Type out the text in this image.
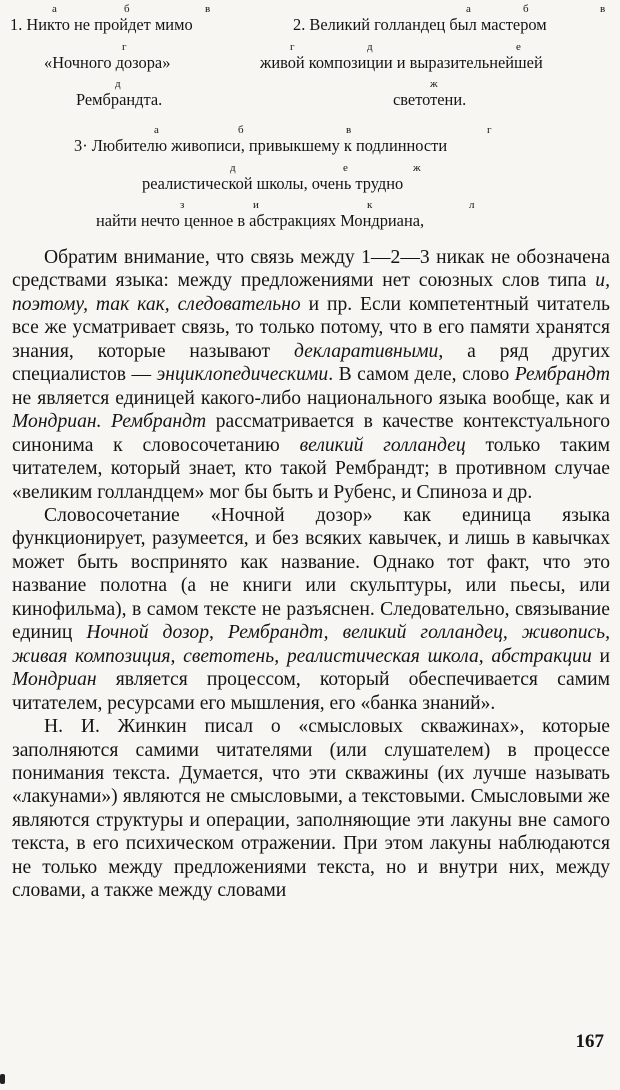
а	б	в
1. Никто не пройдет мимо
г
«Ночного дозора»
д
Рембрандта.
а	б	в
2. Великий голландец был мастером
г	д	е
живой композиции и выразительнейшей
ж
светотени.
а	б	в	г
3· Любителю живописи, привыкшему к подлинности
д	е	ж
реалистической школы, очень трудно
з	и	к	л
найти нечто ценное в абстракциях Мондриана,

Обратим внимание, что связь между 1—2—3 никак не обозначена средствами языка: между предложениями нет союзных слов типа и, поэтому, так как, следовательно и пр. Если компетентный читатель все же усматривает связь, то только потому, что в его памяти хранятся знания, которые называют декларативными, а ряд других специалистов — энциклопедическими. В самом деле, слово Рембрандт не является единицей какого-либо национального языка вообще, как и Мондриан. Рембрандт рассматривается в качестве контекстуального синонима к словосочетанию великий голландец только таким читателем, который знает, кто такой Рембрандт; в противном случае «великим голландцем» мог бы быть и Рубенс, и Спиноза и др.

Словосочетание «Ночной дозор» как единица языка функционирует, разумеется, и без всяких кавычек, и лишь в кавычках может быть воспринято как название. Однако тот факт, что это название полотна (а не книги или скульптуры, или пьесы, или кинофильма), в самом тексте не разъяснен. Следовательно, связывание единиц Ночной дозор, Рембрандт, великий голландец, живопись, живая композиция, светотень, реалистическая школа, абстракции и Мондриан является процессом, который обеспечивается самим читателем, ресурсами его мышления, его «банка знаний».

Н. И. Жинкин писал о «смысловых скважинах», которые заполняются самими читателями (или слушателем) в процессе понимания текста. Думается, что эти скважины (их лучше называть «лакунами») являются не смысловыми, а текстовыми. Смысловыми же являются структуры и операции, заполняющие эти лакуны вне самого текста, в его психическом отражении. При этом лакуны наблюдаются не только между предложениями текста, но и внутри них, между словами, а также между словами

167
